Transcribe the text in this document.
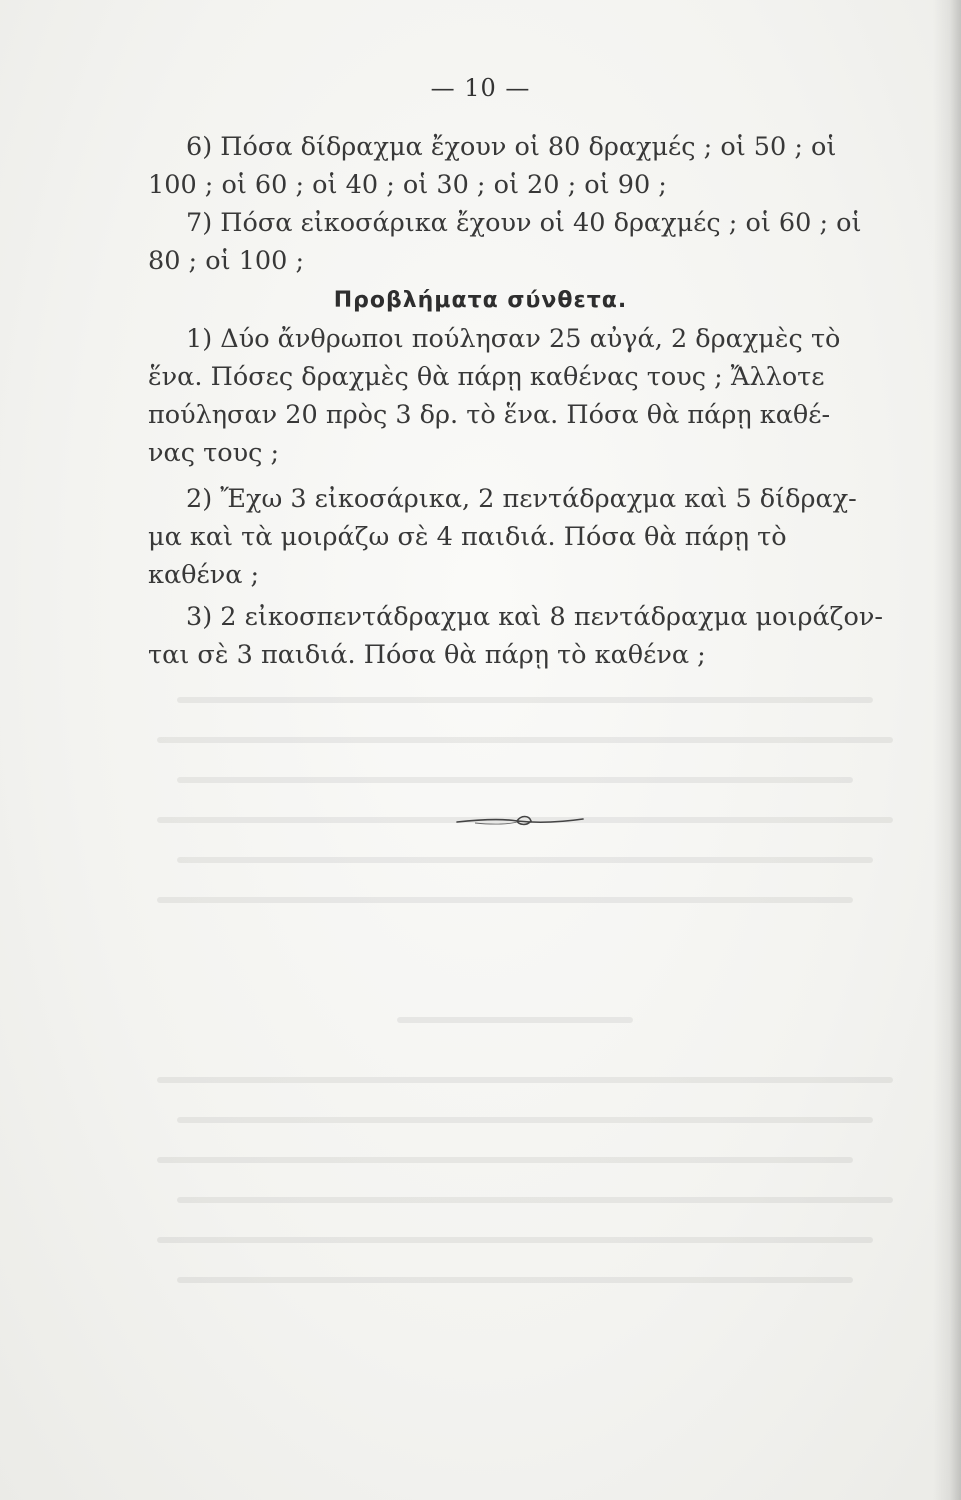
— 10 —
6) Πόσα δίδραχμα ἔχουν οἱ 80 δραχμές ; οἱ 50 ; οἱ
100 ; οἱ 60 ; οἱ 40 ; οἱ 30 ; οἱ 20 ; οἱ 90 ;
7) Πόσα εἰκοσάρικα ἔχουν οἱ 40 δραχμές ; οἱ 60 ; οἱ
80 ; οἱ 100 ;
Προβλήματα σύνθετα.
1) Δύο ἄνθρωποι πούλησαν 25 αὐγά, 2 δραχμὲς τὸ
ἕνα. Πόσες δραχμὲς θὰ πάρῃ καθένας τους ; Ἄλλοτε
πούλησαν 20 πρὸς 3 δρ. τὸ ἕνα. Πόσα θὰ πάρῃ καθέ-
νας τους ;
2) Ἔχω 3 εἰκοσάρικα, 2 πεντάδραχμα καὶ 5 δίδραχ-
μα καὶ τὰ μοιράζω σὲ 4 παιδιά. Πόσα θὰ πάρῃ τὸ
καθένα ;
3) 2 εἰκοσπεντάδραχμα καὶ 8 πεντάδραχμα μοιράζον-
ται σὲ 3 παιδιά. Πόσα θὰ πάρῃ τὸ καθένα ;
